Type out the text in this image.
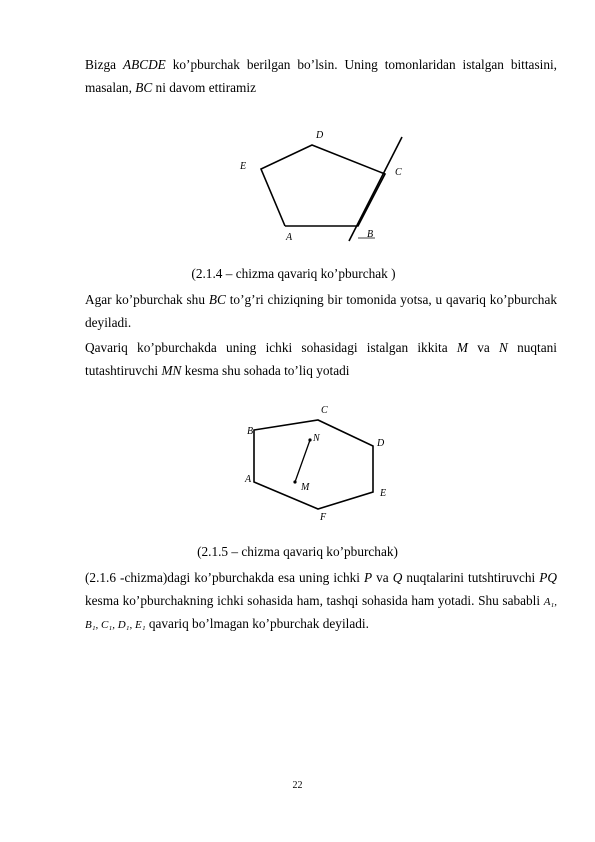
Bizga ABCDE ko’pburchak berilgan bo’lsin. Uning tomonlaridan istalgan bittasini, masalan, BC ni davom ettiramiz
D
E
C
A	B
(2.1.4 – chizma qavariq ko’pburchak )
Agar ko’pburchak shu BC to’g’ri chiziqning bir tomonida yotsa, u qavariq ko’pburchak deyiladi.
Qavariq ko’pburchakda uning ichki sohasidagi istalgan ikkita M va N nuqtani tutashtiruvchi MN kesma shu sohada to’liq yotadi
C
B
D
A
E
F
N
M
(2.1.5 – chizma qavariq ko’pburchak)
(2.1.6 -chizma)dagi ko’pburchakda esa uning ichki P va Q nuqtalarini tutshtiruvchi PQ kesma ko’pburchakning ichki sohasida ham, tashqi sohasida ham yotadi. Shu sababli A₁, B₁, C₁, D₁, E₁ qavariq bo’lmagan ko’pburchak deyiladi.
22
